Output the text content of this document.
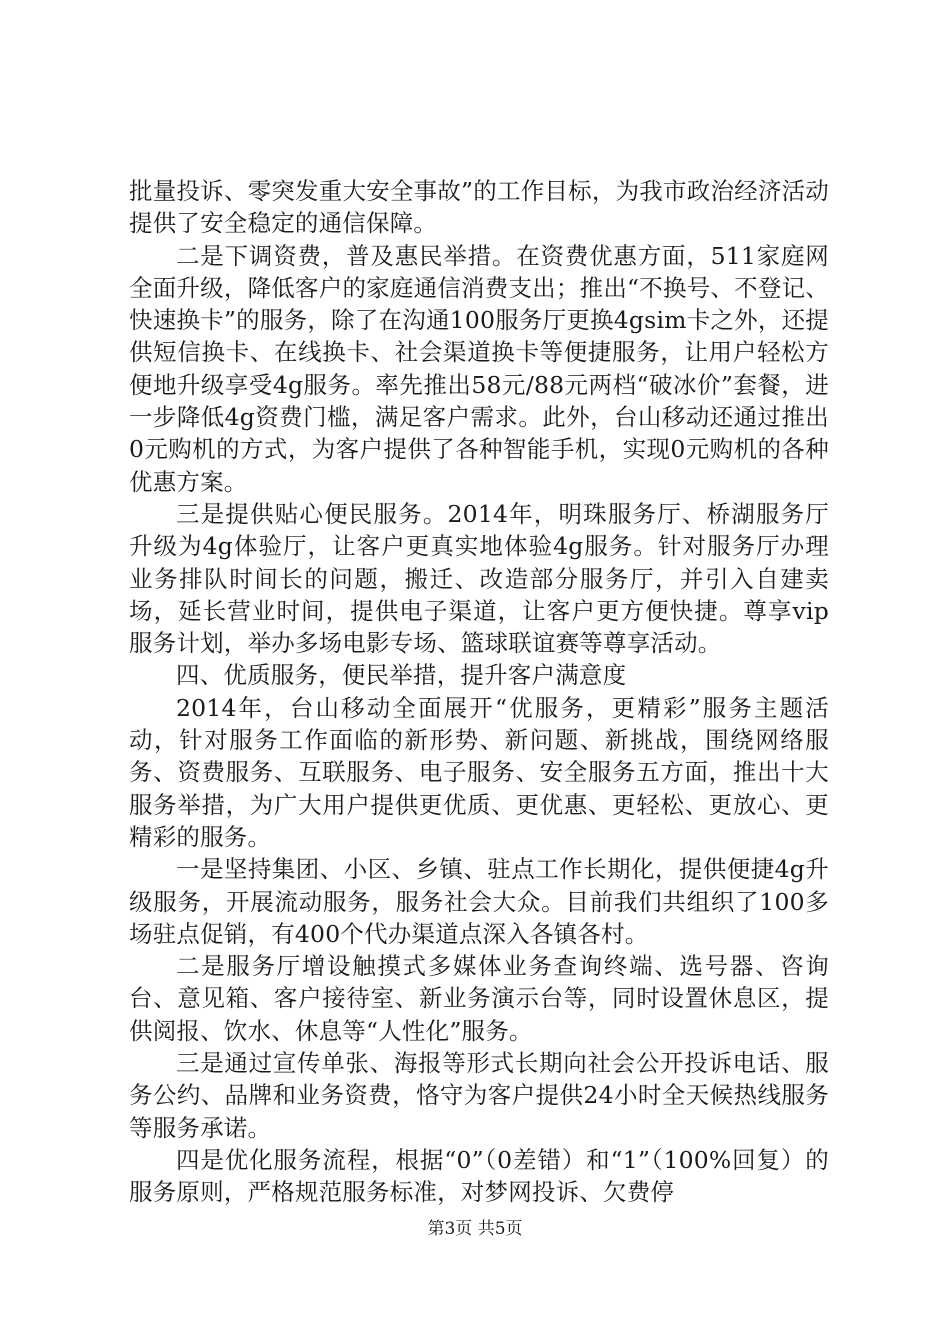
批量投诉、零突发重大安全事故”的工作目标，为我市政治经济活动提供了安全稳定的通信保障。

二是下调资费，普及惠民举措。在资费优惠方面，511家庭网全面升级，降低客户的家庭通信消费支出；推出“不换号、不登记、快速换卡”的服务，除了在沟通100服务厅更换4gsim卡之外，还提供短信换卡、在线换卡、社会渠道换卡等便捷服务，让用户轻松方便地升级享受4g服务。率先推出58元/88元两档“破冰价”套餐，进一步降低4g资费门槛，满足客户需求。此外，台山移动还通过推出0元购机的方式，为客户提供了各种智能手机，实现0元购机的各种优惠方案。

三是提供贴心便民服务。2014年，明珠服务厅、桥湖服务厅升级为4g体验厅，让客户更真实地体验4g服务。针对服务厅办理业务排队时间长的问题，搬迁、改造部分服务厅，并引入自建卖场，延长营业时间，提供电子渠道，让客户更方便快捷。尊享vip服务计划，举办多场电影专场、篮球联谊赛等尊享活动。

四、优质服务，便民举措，提升客户满意度

2014年，台山移动全面展开“优服务，更精彩”服务主题活动，针对服务工作面临的新形势、新问题、新挑战，围绕网络服务、资费服务、互联服务、电子服务、安全服务五方面，推出十大服务举措，为广大用户提供更优质、更优惠、更轻松、更放心、更精彩的服务。

一是坚持集团、小区、乡镇、驻点工作长期化，提供便捷4g升级服务，开展流动服务，服务社会大众。目前我们共组织了100多场驻点促销，有400个代办渠道点深入各镇各村。

二是服务厅增设触摸式多媒体业务查询终端、选号器、咨询台、意见箱、客户接待室、新业务演示台等，同时设置休息区，提供阅报、饮水、休息等“人性化”服务。

三是通过宣传单张、海报等形式长期向社会公开投诉电话、服务公约、品牌和业务资费，恪守为客户提供24小时全天候热线服务等服务承诺。

四是优化服务流程，根据“0”（0差错）和“1”（100%回复）的服务原则，严格规范服务标准，对梦网投诉、欠费停

第3页 共5页
